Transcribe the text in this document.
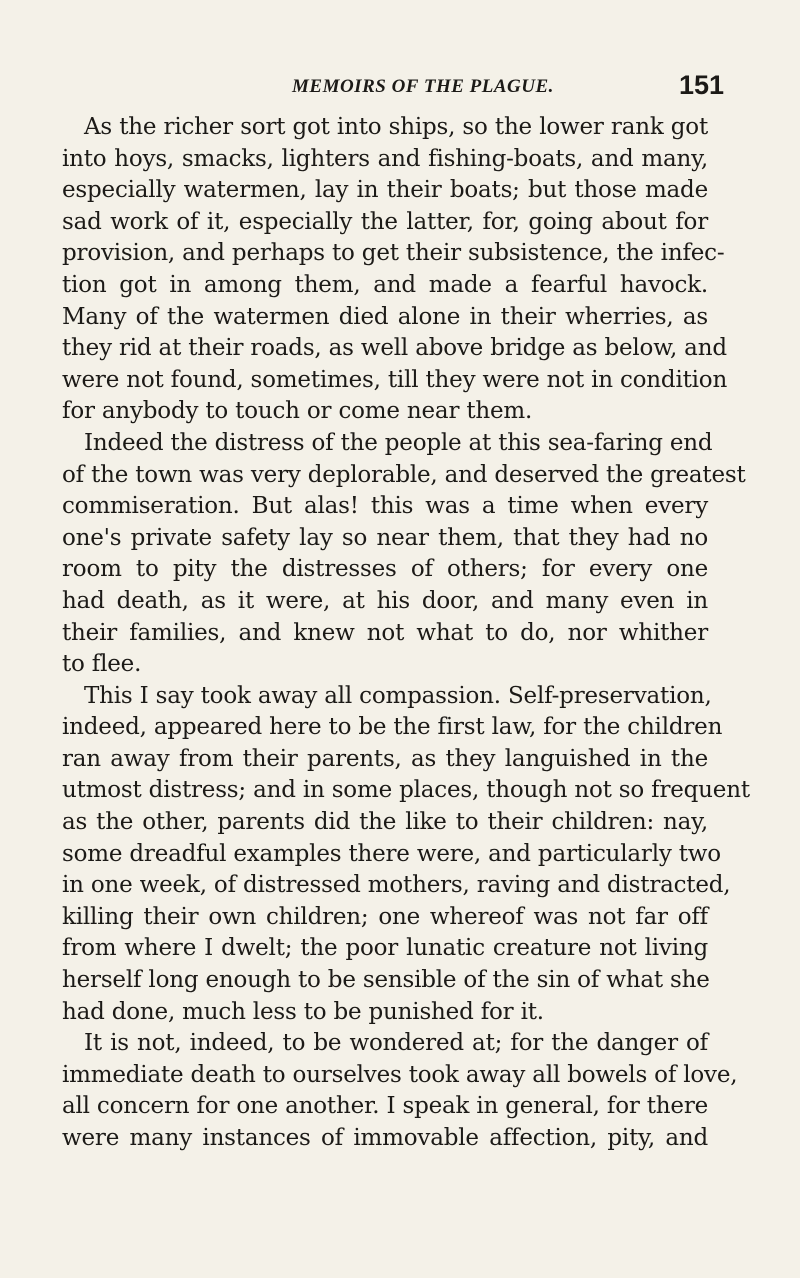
MEMOIRS OF THE PLAGUE.	151
As the richer sort got into ships, so the lower rank got
into hoys, smacks, lighters and fishing-boats, and many,
especially watermen, lay in their boats; but those made
sad work of it, especially the latter, for, going about for
provision, and perhaps to get their subsistence, the infec-
tion got in among them, and made a fearful havock.
Many of the watermen died alone in their wherries, as
they rid at their roads, as well above bridge as below, and
were not found, sometimes, till they were not in condition
for anybody to touch or come near them.
Indeed the distress of the people at this sea-faring end
of the town was very deplorable, and deserved the greatest
commiseration. But alas! this was a time when every
one's private safety lay so near them, that they had no
room to pity the distresses of others; for every one
had death, as it were, at his door, and many even in
their families, and knew not what to do, nor whither
to flee.
This I say took away all compassion. Self-preservation,
indeed, appeared here to be the first law, for the children
ran away from their parents, as they languished in the
utmost distress; and in some places, though not so frequent
as the other, parents did the like to their children: nay,
some dreadful examples there were, and particularly two
in one week, of distressed mothers, raving and distracted,
killing their own children; one whereof was not far off
from where I dwelt; the poor lunatic creature not living
herself long enough to be sensible of the sin of what she
had done, much less to be punished for it.
It is not, indeed, to be wondered at; for the danger of
immediate death to ourselves took away all bowels of love,
all concern for one another. I speak in general, for there
were many instances of immovable affection, pity, and
